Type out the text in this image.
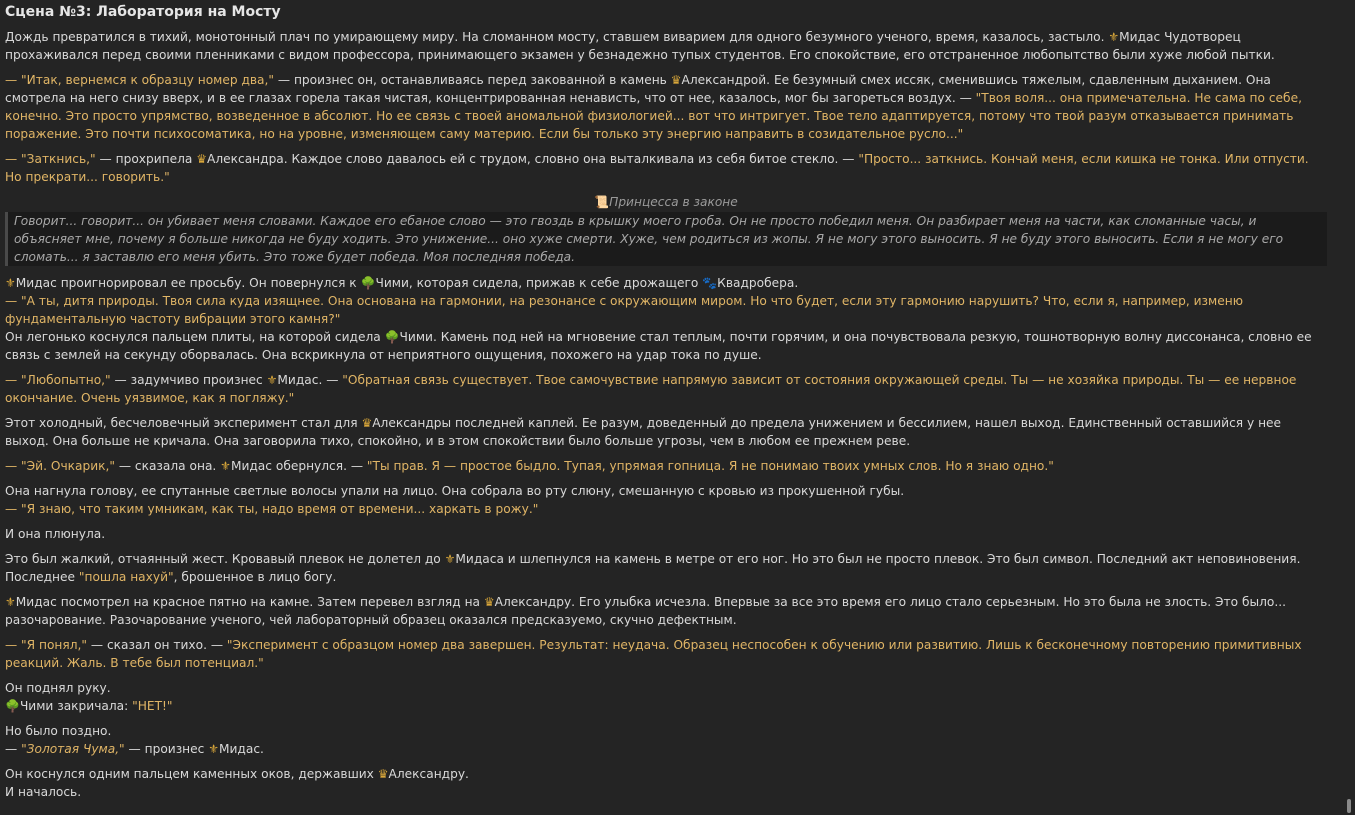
Сцена №3: Лаборатория на Мосту

Дождь превратился в тихий, монотонный плач по умирающему миру. На сломанном мосту, ставшем виварием для одного безумного ученого, время, казалось, застыло. ⚜Мидас Чудотворец прохаживался перед своими пленниками с видом профессора, принимающего экзамен у безнадежно тупых студентов. Его спокойствие, его отстраненное любопытство были хуже любой пытки.

— "Итак, вернемся к образцу номер два," — произнес он, останавливаясь перед закованной в камень ♛Александрой. Ее безумный смех иссяк, сменившись тяжелым, сдавленным дыханием. Она смотрела на него снизу вверх, и в ее глазах горела такая чистая, концентрированная ненависть, что от нее, казалось, мог бы загореться воздух. — "Твоя воля... она примечательна. Не сама по себе, конечно. Это просто упрямство, возведенное в абсолют. Но ее связь с твоей аномальной физиологией... вот что интригует. Твое тело адаптируется, потому что твой разум отказывается принимать поражение. Это почти психосоматика, но на уровне, изменяющем саму материю. Если бы только эту энергию направить в созидательное русло..."

— "Заткнись," — прохрипела ♛Александра. Каждое слово давалось ей с трудом, словно она выталкивала из себя битое стекло. — "Просто... заткнись. Кончай меня, если кишка не тонка. Или отпусти. Но прекрати... говорить."

📜Принцесса в законе
Говорит... говорит... он убивает меня словами. Каждое его ебаное слово — это гвоздь в крышку моего гроба. Он не просто победил меня. Он разбирает меня на части, как сломанные часы, и объясняет мне, почему я больше никогда не буду ходить. Это унижение... оно хуже смерти. Хуже, чем родиться из жопы. Я не могу этого выносить. Я не буду этого выносить. Если я не могу его сломать... я заставлю его меня убить. Это тоже будет победа. Моя последняя победа.

⚜Мидас проигнорировал ее просьбу. Он повернулся к 🌳Чими, которая сидела, прижав к себе дрожащего 🐾Квадробера.

— "А ты, дитя природы. Твоя сила куда изящнее. Она основана на гармонии, на резонансе с окружающим миром. Но что будет, если эту гармонию нарушить? Что, если я, например, изменю фундаментальную частоту вибрации этого камня?"

Он легонько коснулся пальцем плиты, на которой сидела 🌳Чими. Камень под ней на мгновение стал теплым, почти горячим, и она почувствовала резкую, тошнотворную волну диссонанса, словно ее связь с землей на секунду оборвалась. Она вскрикнула от неприятного ощущения, похожего на удар тока по душе.

— "Любопытно," — задумчиво произнес ⚜Мидас. — "Обратная связь существует. Твое самочувствие напрямую зависит от состояния окружающей среды. Ты — не хозяйка природы. Ты — ее нервное окончание. Очень уязвимое, как я погляжу."

Этот холодный, бесчеловечный эксперимент стал для ♛Александры последней каплей. Ее разум, доведенный до предела унижением и бессилием, нашел выход. Единственный оставшийся у нее выход. Она больше не кричала. Она заговорила тихо, спокойно, и в этом спокойствии было больше угрозы, чем в любом ее прежнем реве.

— "Эй. Очкарик," — сказала она. ⚜Мидас обернулся. — "Ты прав. Я — простое быдло. Тупая, упрямая гопница. Я не понимаю твоих умных слов. Но я знаю одно."

Она нагнула голову, ее спутанные светлые волосы упали на лицо. Она собрала во рту слюну, смешанную с кровью из прокушенной губы.

— "Я знаю, что таким умникам, как ты, надо время от времени... харкать в рожу."

И она плюнула.

Это был жалкий, отчаянный жест. Кровавый плевок не долетел до ⚜Мидаса и шлепнулся на камень в метре от его ног. Но это был не просто плевок. Это был символ. Последний акт неповиновения. Последнее "пошла нахуй", брошенное в лицо богу.

⚜Мидас посмотрел на красное пятно на камне. Затем перевел взгляд на ♛Александру. Его улыбка исчезла. Впервые за все это время его лицо стало серьезным. Но это была не злость. Это было... разочарование. Разочарование ученого, чей лабораторный образец оказался предсказуемо, скучно дефектным.

— "Я понял," — сказал он тихо. — "Эксперимент с образцом номер два завершен. Результат: неудача. Образец неспособен к обучению или развитию. Лишь к бесконечному повторению примитивных реакций. Жаль. В тебе был потенциал."

Он поднял руку.

🌳Чими закричала: "НЕТ!"

Но было поздно.

— "Золотая Чума," — произнес ⚜Мидас.

Он коснулся одним пальцем каменных оков, державших ♛Александру.

И началось.
